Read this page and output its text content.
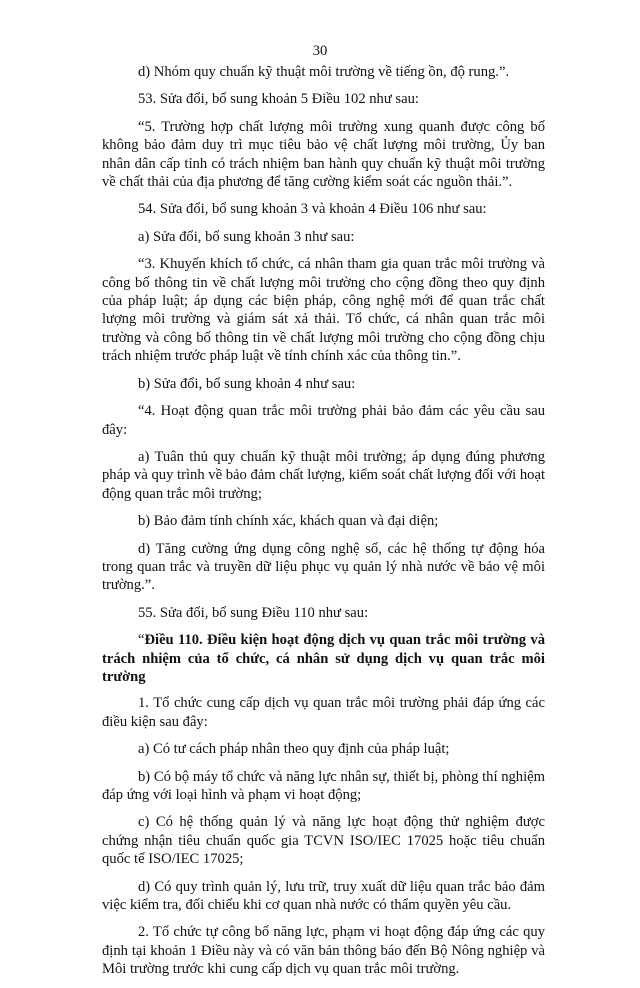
30

d) Nhóm quy chuẩn kỹ thuật môi trường về tiếng ồn, độ rung.”.

53. Sửa đổi, bổ sung khoản 5 Điều 102 như sau:

“5. Trường hợp chất lượng môi trường xung quanh được công bố không bảo đảm duy trì mục tiêu bảo vệ chất lượng môi trường, Ủy ban nhân dân cấp tỉnh có trách nhiệm ban hành quy chuẩn kỹ thuật môi trường về chất thải của địa phương để tăng cường kiểm soát các nguồn thải.”.

54. Sửa đổi, bổ sung khoản 3 và khoản 4 Điều 106 như sau:

a) Sửa đổi, bổ sung khoản 3 như sau:

“3. Khuyến khích tổ chức, cá nhân tham gia quan trắc môi trường và công bố thông tin về chất lượng môi trường cho cộng đồng theo quy định của pháp luật; áp dụng các biện pháp, công nghệ mới để quan trắc chất lượng môi trường và giám sát xả thải. Tổ chức, cá nhân quan trắc môi trường và công bố thông tin về chất lượng môi trường cho cộng đồng chịu trách nhiệm trước pháp luật về tính chính xác của thông tin.”.

b) Sửa đổi, bổ sung khoản 4 như sau:

“4. Hoạt động quan trắc môi trường phải bảo đảm các yêu cầu sau đây:

a) Tuân thủ quy chuẩn kỹ thuật môi trường; áp dụng đúng phương pháp và quy trình về bảo đảm chất lượng, kiểm soát chất lượng đối với hoạt động quan trắc môi trường;

b) Bảo đảm tính chính xác, khách quan và đại diện;

d) Tăng cường ứng dụng công nghệ số, các hệ thống tự động hóa trong quan trắc và truyền dữ liệu phục vụ quản lý nhà nước về bảo vệ môi trường.”.

55. Sửa đổi, bổ sung Điều 110 như sau:

“Điều 110. Điều kiện hoạt động dịch vụ quan trắc môi trường và trách nhiệm của tổ chức, cá nhân sử dụng dịch vụ quan trắc môi trường

1. Tổ chức cung cấp dịch vụ quan trắc môi trường phải đáp ứng các điều kiện sau đây:

a) Có tư cách pháp nhân theo quy định của pháp luật;

b) Có bộ máy tổ chức và năng lực nhân sự, thiết bị, phòng thí nghiệm đáp ứng với loại hình và phạm vi hoạt động;

c) Có hệ thống quản lý và năng lực hoạt động thử nghiệm được chứng nhận tiêu chuẩn quốc gia TCVN ISO/IEC 17025 hoặc tiêu chuẩn quốc tế ISO/IEC 17025;

d) Có quy trình quản lý, lưu trữ, truy xuất dữ liệu quan trắc bảo đảm việc kiểm tra, đối chiếu khi cơ quan nhà nước có thẩm quyền yêu cầu.

2. Tổ chức tự công bố năng lực, phạm vi hoạt động đáp ứng các quy định tại khoản 1 Điều này và có văn bản thông báo đến Bộ Nông nghiệp và Môi trường trước khi cung cấp dịch vụ quan trắc môi trường.
